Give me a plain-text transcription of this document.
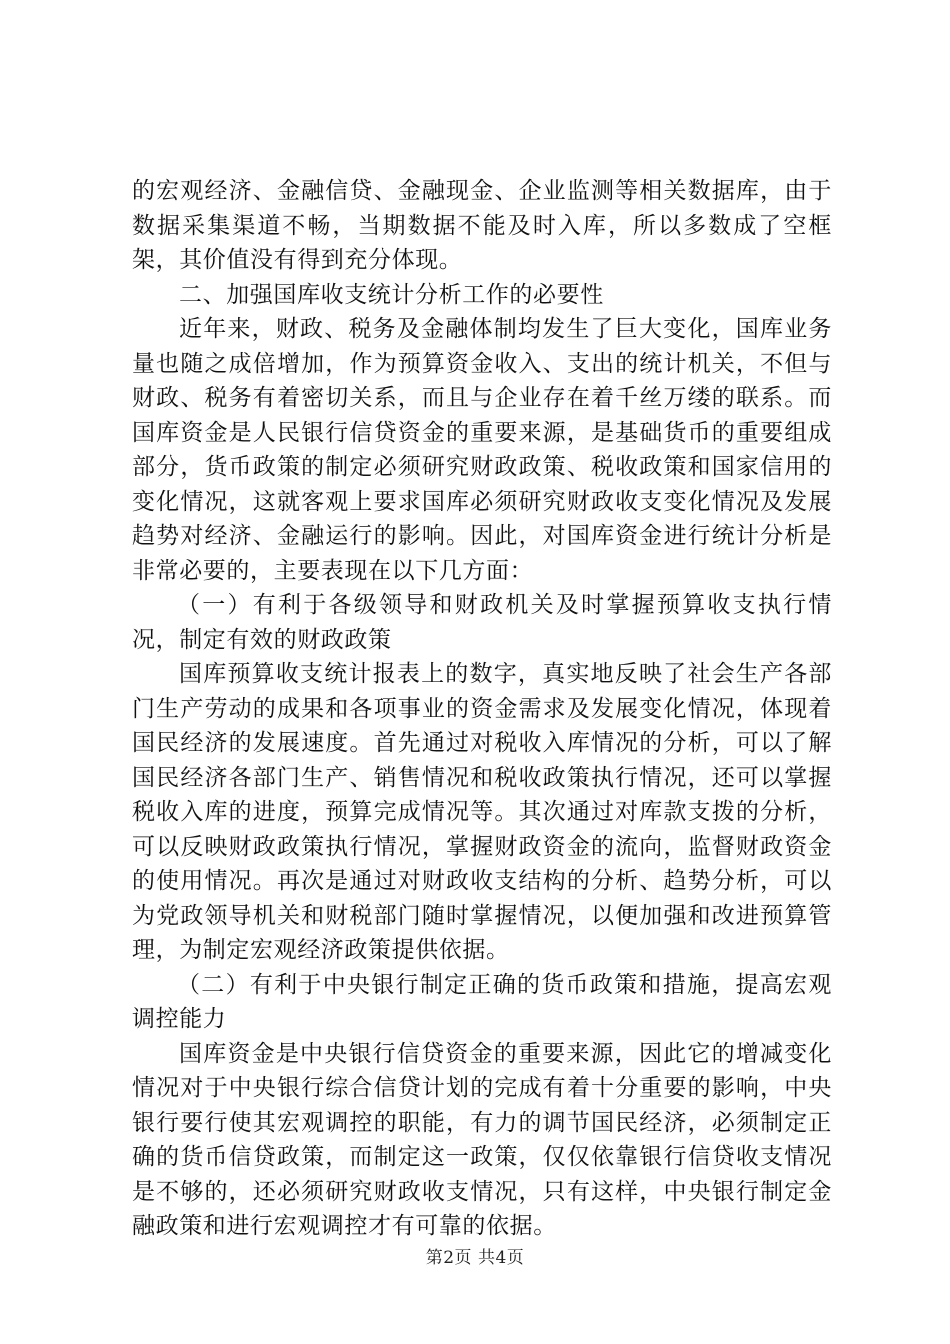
的宏观经济、金融信贷、金融现金、企业监测等相关数据库，由于数据采集渠道不畅，当期数据不能及时入库，所以多数成了空框架，其价值没有得到充分体现。

二、加强国库收支统计分析工作的必要性

近年来，财政、税务及金融体制均发生了巨大变化，国库业务量也随之成倍增加，作为预算资金收入、支出的统计机关，不但与财政、税务有着密切关系，而且与企业存在着千丝万缕的联系。而国库资金是人民银行信贷资金的重要来源，是基础货币的重要组成部分，货币政策的制定必须研究财政政策、税收政策和国家信用的变化情况，这就客观上要求国库必须研究财政收支变化情况及发展趋势对经济、金融运行的影响。因此，对国库资金进行统计分析是非常必要的，主要表现在以下几方面：

（一）有利于各级领导和财政机关及时掌握预算收支执行情况，制定有效的财政政策

国库预算收支统计报表上的数字，真实地反映了社会生产各部门生产劳动的成果和各项事业的资金需求及发展变化情况，体现着国民经济的发展速度。首先通过对税收入库情况的分析，可以了解国民经济各部门生产、销售情况和税收政策执行情况，还可以掌握税收入库的进度，预算完成情况等。其次通过对库款支拨的分析，可以反映财政政策执行情况，掌握财政资金的流向，监督财政资金的使用情况。再次是通过对财政收支结构的分析、趋势分析，可以为党政领导机关和财税部门随时掌握情况，以便加强和改进预算管理，为制定宏观经济政策提供依据。

（二）有利于中央银行制定正确的货币政策和措施，提高宏观调控能力

国库资金是中央银行信贷资金的重要来源，因此它的增减变化情况对于中央银行综合信贷计划的完成有着十分重要的影响，中央银行要行使其宏观调控的职能，有力的调节国民经济，必须制定正确的货币信贷政策，而制定这一政策，仅仅依靠银行信贷收支情况是不够的，还必须研究财政收支情况，只有这样，中央银行制定金融政策和进行宏观调控才有可靠的依据。

第2页 共4页
